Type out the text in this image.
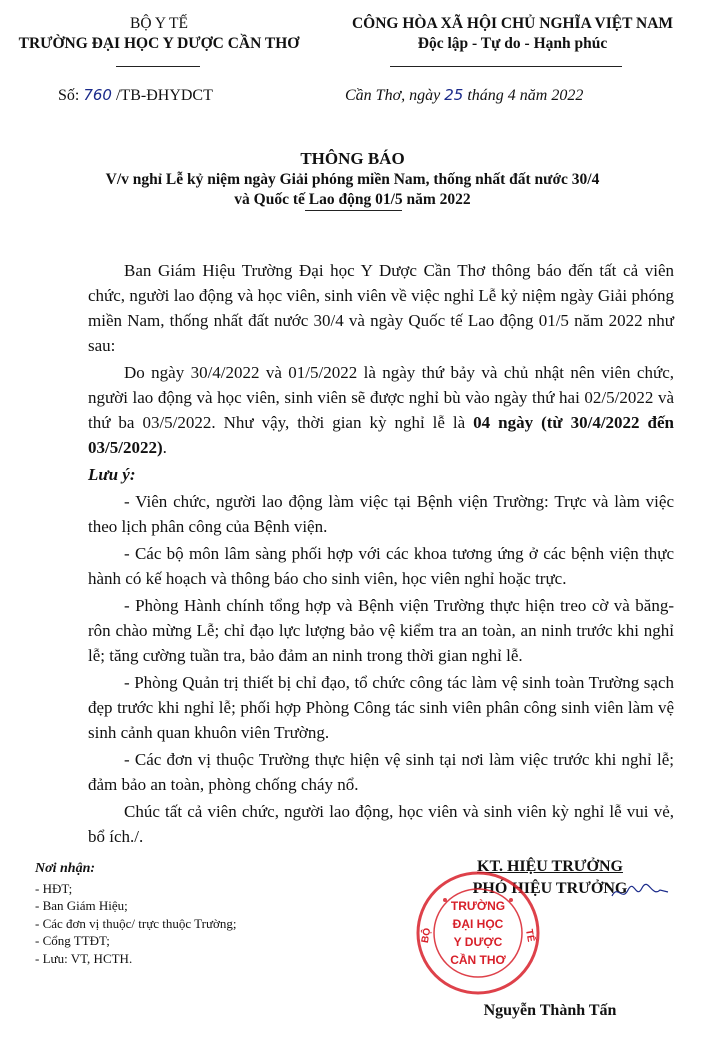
BỘ Y TẾ
TRƯỜNG ĐẠI HỌC Y DƯỢC CẦN THƠ
CÔNG HÒA XÃ HỘI CHỦ NGHĨA VIỆT NAM
Độc lập - Tự do - Hạnh phúc
Số: 760 /TB-ĐHYDCT	Cần Thơ, ngày 25 tháng 4 năm 2022
THÔNG BÁO
V/v nghỉ Lễ kỷ niệm ngày Giải phóng miền Nam, thống nhất đất nước 30/4
và Quốc tế Lao động 01/5 năm 2022

Ban Giám Hiệu Trường Đại học Y Dược Cần Thơ thông báo đến tất cả viên chức, người lao động và học viên, sinh viên về việc nghỉ Lễ kỷ niệm ngày Giải phóng miền Nam, thống nhất đất nước 30/4 và ngày Quốc tế Lao động 01/5 năm 2022 như sau:

Do ngày 30/4/2022 và 01/5/2022 là ngày thứ bảy và chủ nhật nên viên chức, người lao động và học viên, sinh viên sẽ được nghỉ bù vào ngày thứ hai 02/5/2022 và thứ ba 03/5/2022. Như vậy, thời gian kỳ nghỉ lễ là 04 ngày (từ 30/4/2022 đến 03/5/2022).

Lưu ý:

- Viên chức, người lao động làm việc tại Bệnh viện Trường: Trực và làm việc theo lịch phân công của Bệnh viện.

- Các bộ môn lâm sàng phối hợp với các khoa tương ứng ở các bệnh viện thực hành có kế hoạch và thông báo cho sinh viên, học viên nghỉ hoặc trực.

- Phòng Hành chính tổng hợp và Bệnh viện Trường thực hiện treo cờ và băng-rôn chào mừng Lễ; chỉ đạo lực lượng bảo vệ kiểm tra an toàn, an ninh trước khi nghỉ lễ; tăng cường tuần tra, bảo đảm an ninh trong thời gian nghỉ lễ.

- Phòng Quản trị thiết bị chỉ đạo, tổ chức công tác làm vệ sinh toàn Trường sạch đẹp trước khi nghỉ lễ; phối hợp Phòng Công tác sinh viên phân công sinh viên làm vệ sinh cảnh quan khuôn viên Trường.

- Các đơn vị thuộc Trường thực hiện vệ sinh tại nơi làm việc trước khi nghỉ lễ; đảm bảo an toàn, phòng chống cháy nổ.

Chúc tất cả viên chức, người lao động, học viên và sinh viên kỳ nghỉ lễ vui vẻ, bổ ích./.

Nơi nhận:
- HĐT;
- Ban Giám Hiệu;
- Các đơn vị thuộc/ trực thuộc Trường;
- Cổng TTĐT;
- Lưu: VT, HCTH.
KT. HIỆU TRƯỞNG
PHÓ HIỆU TRƯỞNG
Nguyễn Thành Tấn
TRƯỜNG
ĐẠI HỌC
Y DƯỢC
CẦN THƠ
BỘ	TẾ
